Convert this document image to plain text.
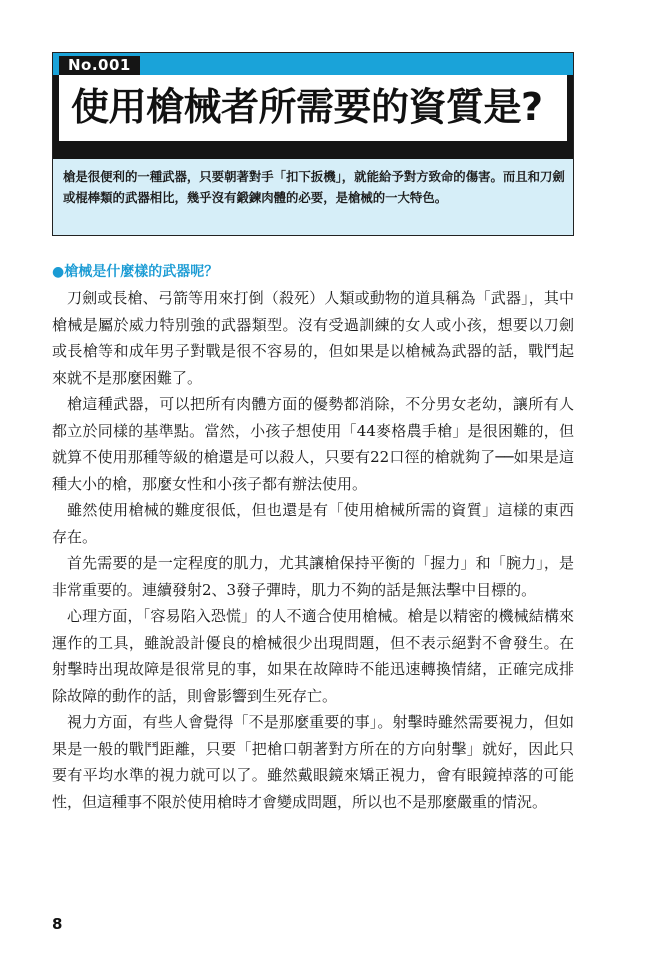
No.001
使用槍械者所需要的資質是?
槍是很便利的一種武器，只要朝著對手「扣下扳機」，就能給予對方致命的傷害。而且和刀劍或棍棒類的武器相比，幾乎沒有鍛鍊肉體的必要，是槍械的一大特色。
●槍械是什麼樣的武器呢？

刀劍或長槍、弓箭等用來打倒（殺死）人類或動物的道具稱為「武器」，其中槍械是屬於威力特別強的武器類型。沒有受過訓練的女人或小孩，想要以刀劍或長槍等和成年男子對戰是很不容易的，但如果是以槍械為武器的話，戰鬥起來就不是那麼困難了。

槍這種武器，可以把所有肉體方面的優勢都消除，不分男女老幼，讓所有人都立於同樣的基準點。當然，小孩子想使用「44麥格農手槍」是很困難的，但就算不使用那種等級的槍還是可以殺人，只要有22口徑的槍就夠了──如果是這種大小的槍，那麼女性和小孩子都有辦法使用。

雖然使用槍械的難度很低，但也還是有「使用槍械所需的資質」這樣的東西存在。

首先需要的是一定程度的肌力，尤其讓槍保持平衡的「握力」和「腕力」，是非常重要的。連續發射2、3發子彈時，肌力不夠的話是無法擊中目標的。

心理方面，「容易陷入恐慌」的人不適合使用槍械。槍是以精密的機械結構來運作的工具，雖說設計優良的槍械很少出現問題，但不表示絕對不會發生。在射擊時出現故障是很常見的事，如果在故障時不能迅速轉換情緒，正確完成排除故障的動作的話，則會影響到生死存亡。

視力方面，有些人會覺得「不是那麼重要的事」。射擊時雖然需要視力，但如果是一般的戰鬥距離，只要「把槍口朝著對方所在的方向射擊」就好，因此只要有平均水準的視力就可以了。雖然戴眼鏡來矯正視力，會有眼鏡掉落的可能性，但這種事不限於使用槍時才會變成問題，所以也不是那麼嚴重的情況。

8
